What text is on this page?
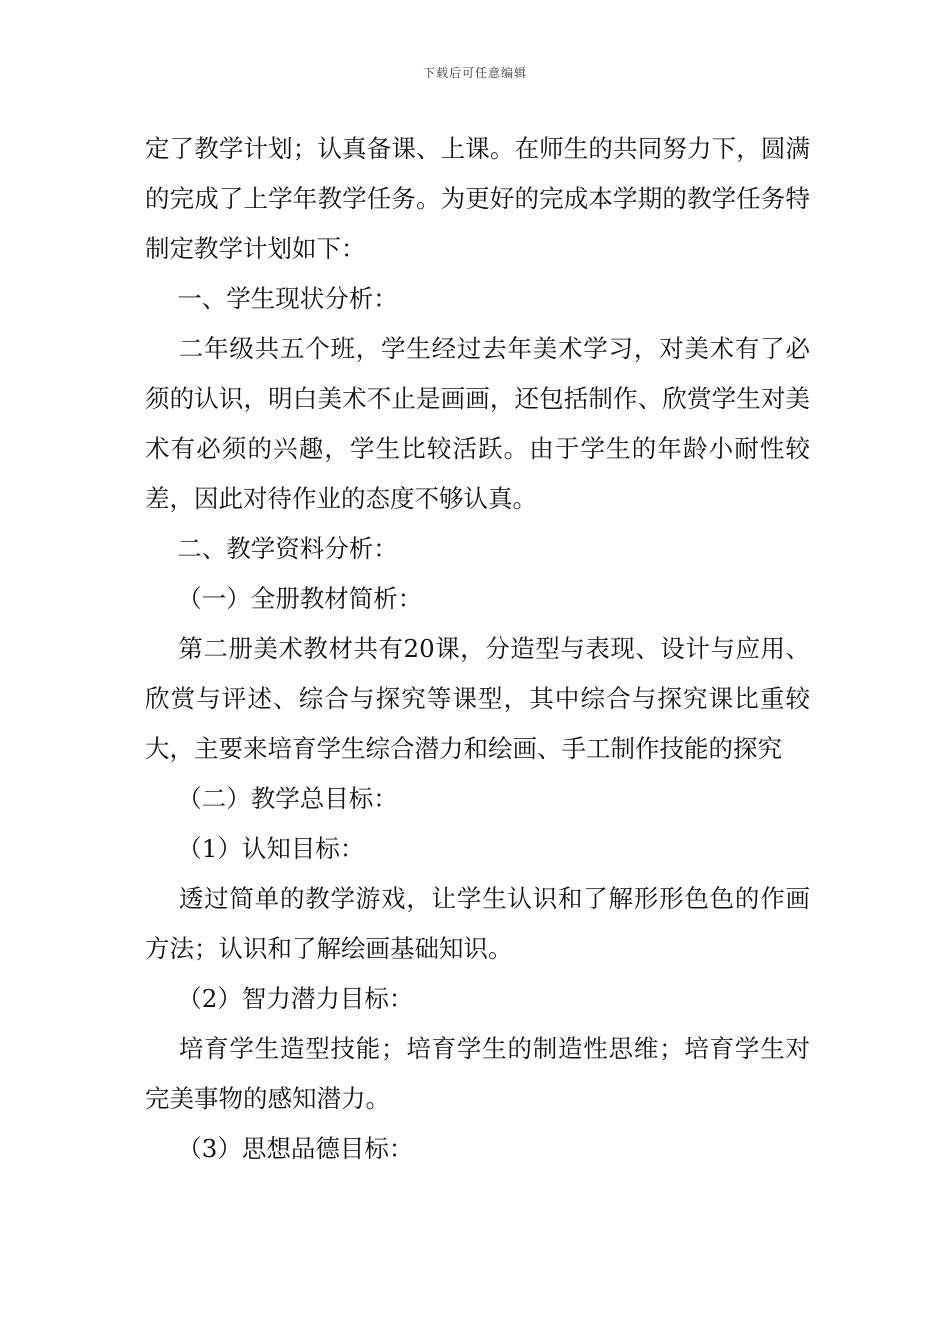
下载后可任意编辑

定了教学计划；认真备课、上课。在师生的共同努力下，圆满的完成了上学年教学任务。为更好的完成本学期的教学任务特制定教学计划如下：

　 一、学生现状分析：

　 二年级共五个班，学生经过去年美术学习，对美术有了必须的认识，明白美术不止是画画，还包括制作、欣赏学生对美术有必须的兴趣，学生比较活跃。由于学生的年龄小耐性较差，因此对待作业的态度不够认真。

　 二、教学资料分析：

　 （一）全册教材简析：

　 第二册美术教材共有20课，分造型与表现、设计与应用、欣赏与评述、综合与探究等课型，其中综合与探究课比重较大，主要来培育学生综合潜力和绘画、手工制作技能的探究

　 （二）教学总目标：

　 （1）认知目标：

　 透过简单的教学游戏，让学生认识和了解形形色色的作画方法；认识和了解绘画基础知识。

　 （2）智力潜力目标：

　 培育学生造型技能；培育学生的制造性思维；培育学生对完美事物的感知潜力。

　 （3）思想品德目标：
